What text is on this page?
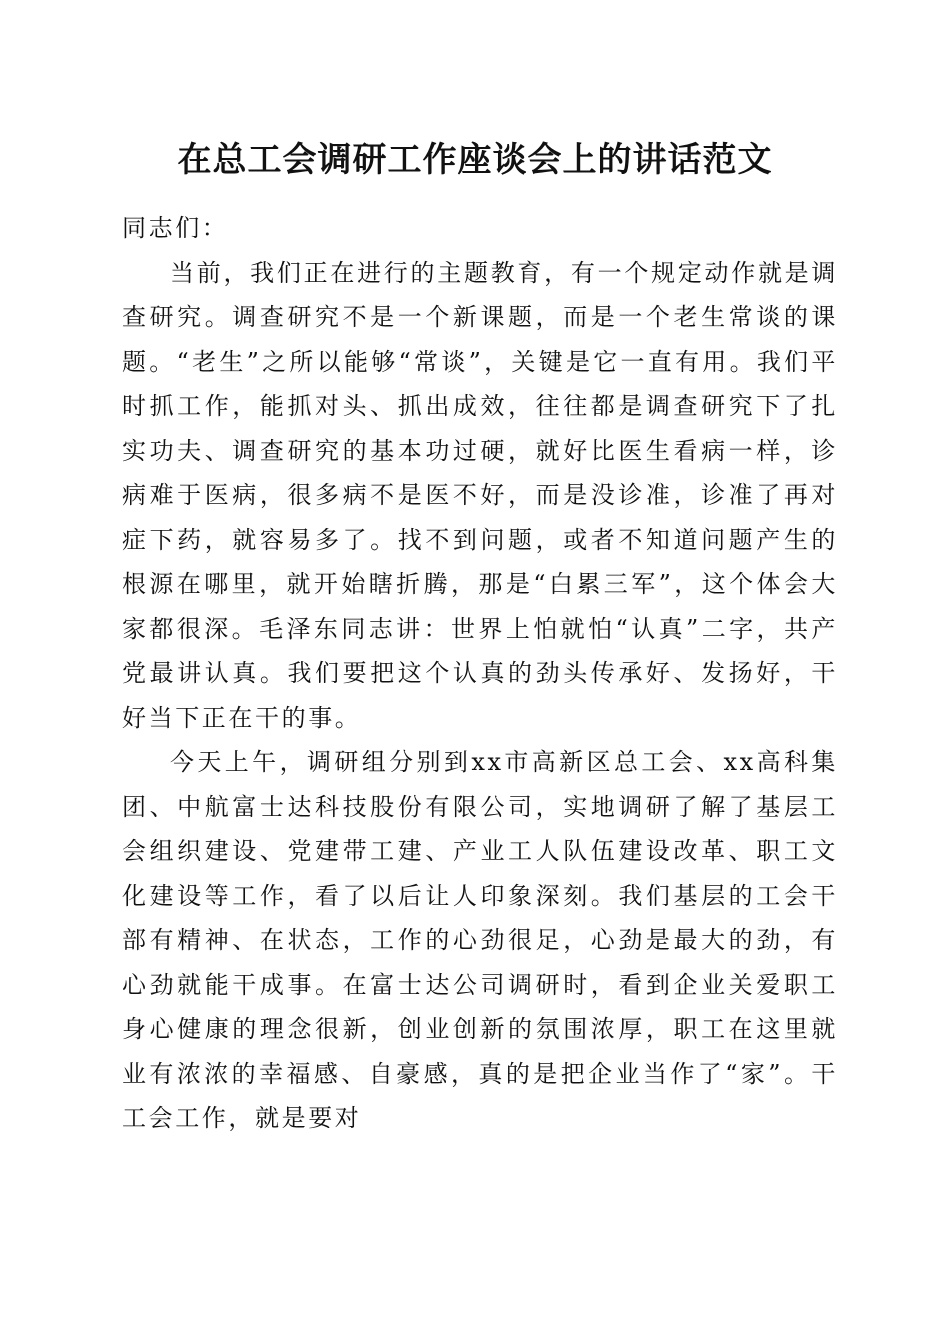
在总工会调研工作座谈会上的讲话范文

同志们：

当前，我们正在进行的主题教育，有一个规定动作就是调查研究。调查研究不是一个新课题，而是一个老生常谈的课题。“老生”之所以能够“常谈”，关键是它一直有用。我们平时抓工作，能抓对头、抓出成效，往往都是调查研究下了扎实功夫、调查研究的基本功过硬，就好比医生看病一样，诊病难于医病，很多病不是医不好，而是没诊准，诊准了再对症下药，就容易多了。找不到问题，或者不知道问题产生的根源在哪里，就开始瞎折腾，那是“白累三军”，这个体会大家都很深。毛泽东同志讲：世界上怕就怕“认真”二字，共产党最讲认真。我们要把这个认真的劲头传承好、发扬好，干好当下正在干的事。

今天上午，调研组分别到xx市高新区总工会、xx高科集团、中航富士达科技股份有限公司，实地调研了解了基层工会组织建设、党建带工建、产业工人队伍建设改革、职工文化建设等工作，看了以后让人印象深刻。我们基层的工会干部有精神、在状态，工作的心劲很足，心劲是最大的劲，有心劲就能干成事。在富士达公司调研时，看到企业关爱职工身心健康的理念很新，创业创新的氛围浓厚，职工在这里就业有浓浓的幸福感、自豪感，真的是把企业当作了“家”。干工会工作，就是要对
